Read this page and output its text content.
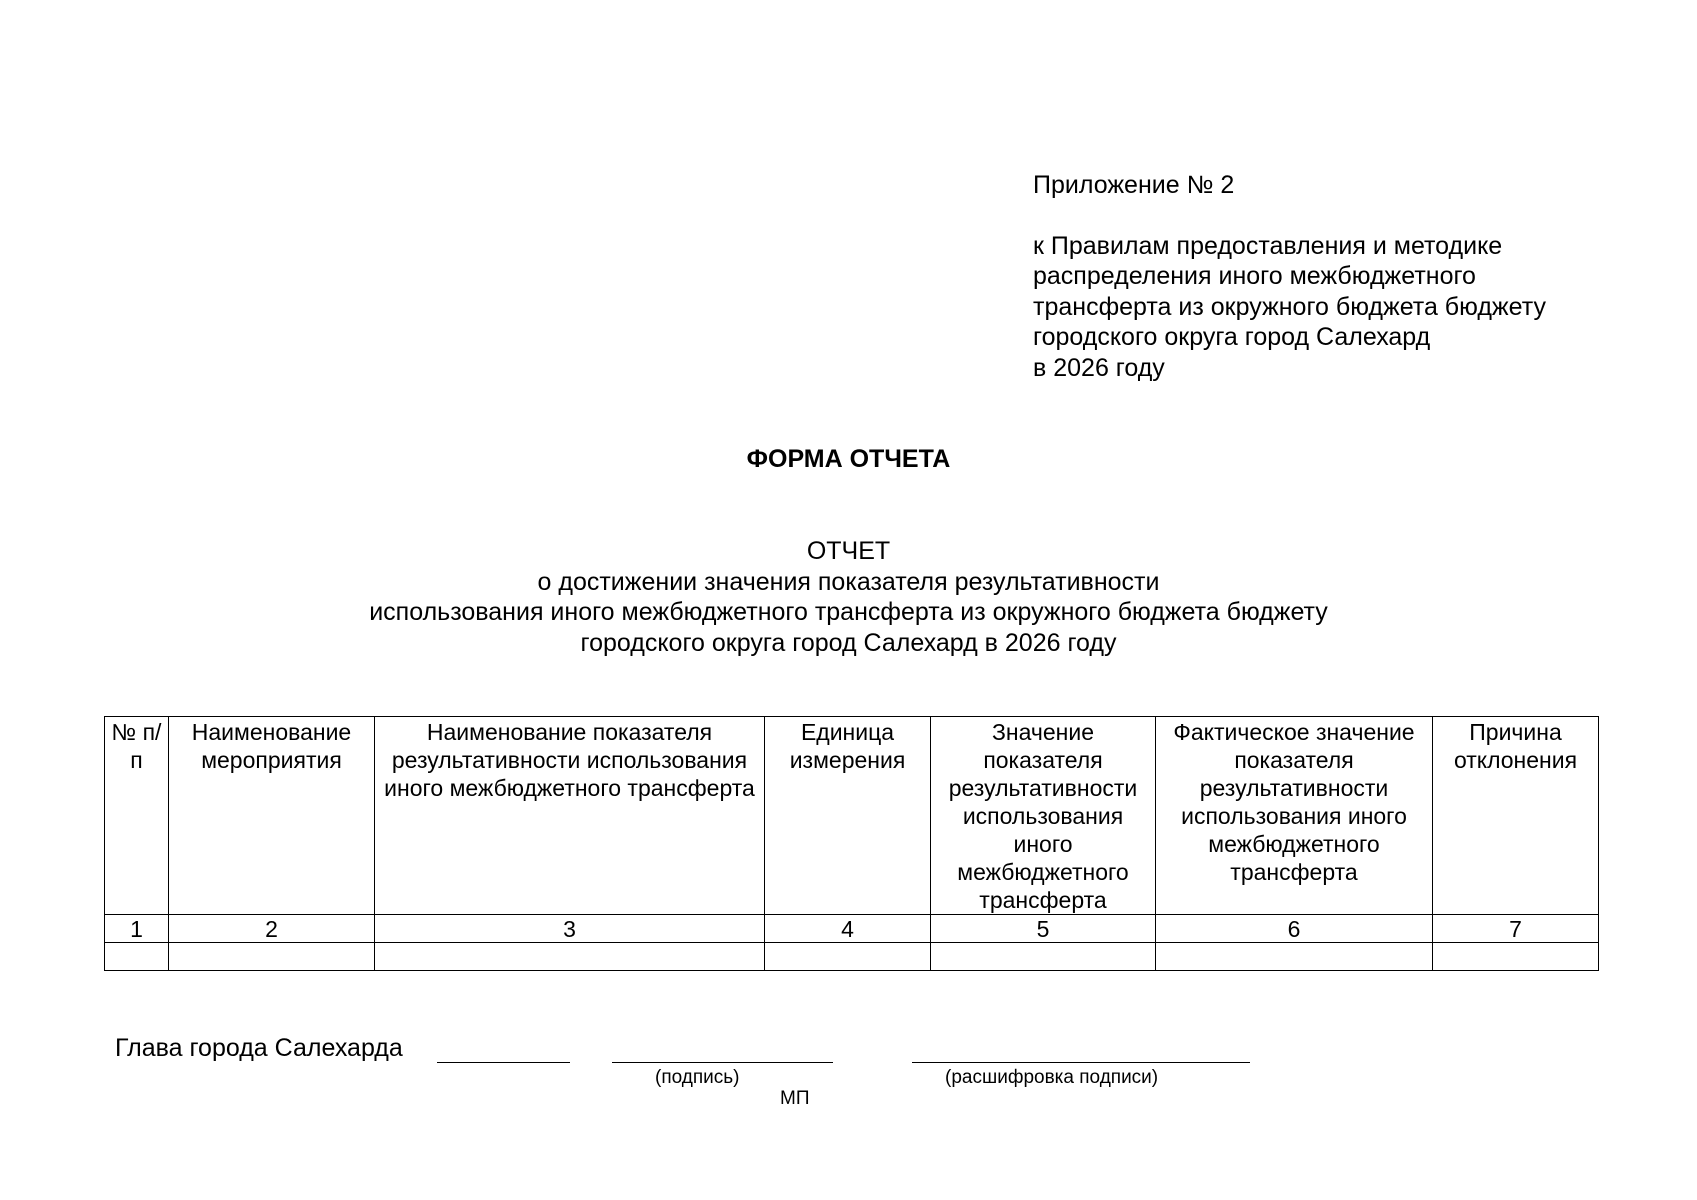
Приложение № 2
к Правилам предоставления и методике
распределения иного межбюджетного
трансферта из окружного бюджета бюджету
городского округа город Салехард
в 2026 году
ФОРМА ОТЧЕТА
ОТЧЕТ
о достижении значения показателя результативности
использования иного межбюджетного трансферта из окружного бюджета бюджету
городского округа город Салехард в 2026 году
№ п/п	Наименование мероприятия	Наименование показателя результативности использования иного межбюджетного трансферта	Единица измерения	Значение показателя результативности использования иного межбюджетного трансферта	Фактическое значение показателя результативности использования иного межбюджетного трансферта	Причина отклонения
1	2	3	4	5	6	7

Глава города Салехарда
(подпись)	(расшифровка подписи)
МП
